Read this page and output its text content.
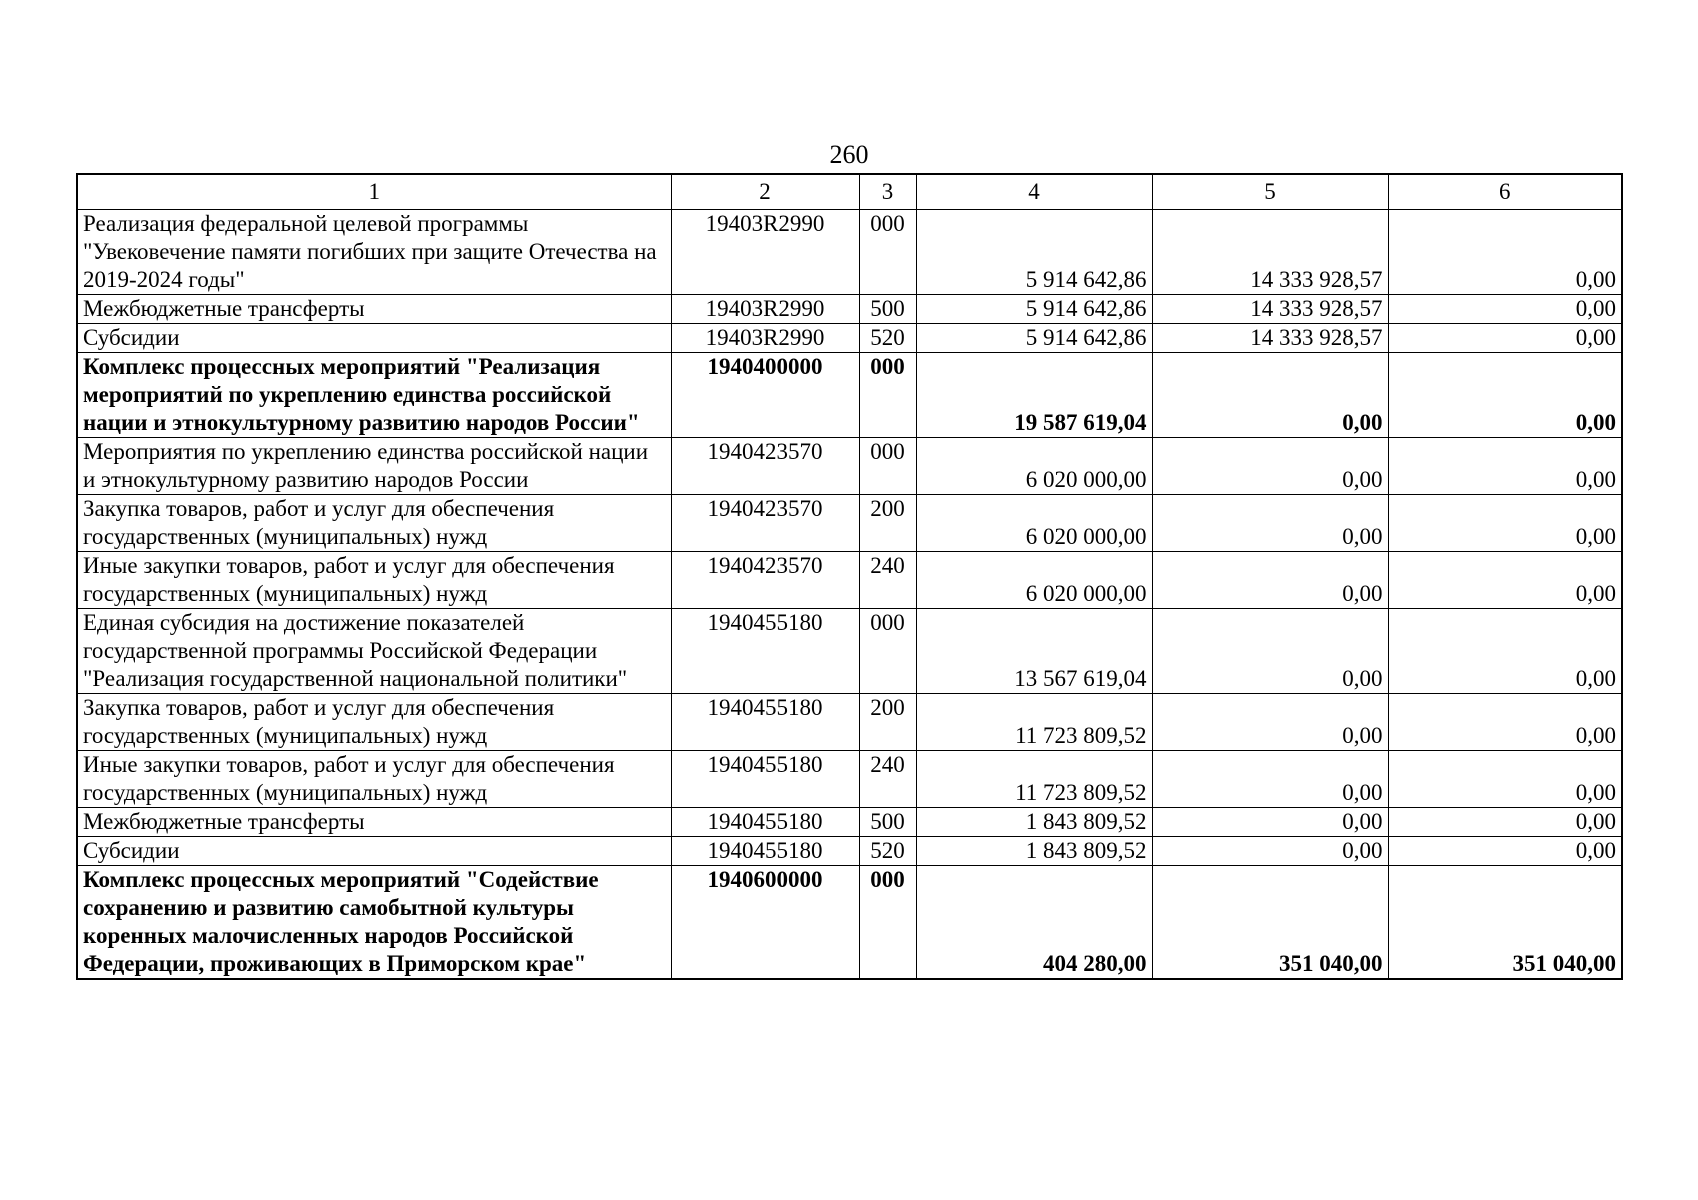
260
1	2	3	4	5	6
Реализация федеральной целевой программы "Увековечение памяти погибших при защите Отечества на 2019-2024 годы"	19403R2990	000	5 914 642,86	14 333 928,57	0,00
Межбюджетные трансферты	19403R2990	500	5 914 642,86	14 333 928,57	0,00
Субсидии	19403R2990	520	5 914 642,86	14 333 928,57	0,00
Комплекс процессных мероприятий "Реализация мероприятий по укреплению единства российской нации и этнокультурному развитию народов России"	1940400000	000	19 587 619,04	0,00	0,00
Мероприятия по укреплению единства российской нации и этнокультурному развитию народов России	1940423570	000	6 020 000,00	0,00	0,00
Закупка товаров, работ и услуг для обеспечения государственных (муниципальных) нужд	1940423570	200	6 020 000,00	0,00	0,00
Иные закупки товаров, работ и услуг для обеспечения государственных (муниципальных) нужд	1940423570	240	6 020 000,00	0,00	0,00
Единая субсидия на достижение показателей государственной программы Российской Федерации "Реализация государственной национальной политики"	1940455180	000	13 567 619,04	0,00	0,00
Закупка товаров, работ и услуг для обеспечения государственных (муниципальных) нужд	1940455180	200	11 723 809,52	0,00	0,00
Иные закупки товаров, работ и услуг для обеспечения государственных (муниципальных) нужд	1940455180	240	11 723 809,52	0,00	0,00
Межбюджетные трансферты	1940455180	500	1 843 809,52	0,00	0,00
Субсидии	1940455180	520	1 843 809,52	0,00	0,00
Комплекс процессных мероприятий "Содействие сохранению и развитию самобытной культуры коренных малочисленных народов Российской Федерации, проживающих в Приморском крае"	1940600000	000	404 280,00	351 040,00	351 040,00
